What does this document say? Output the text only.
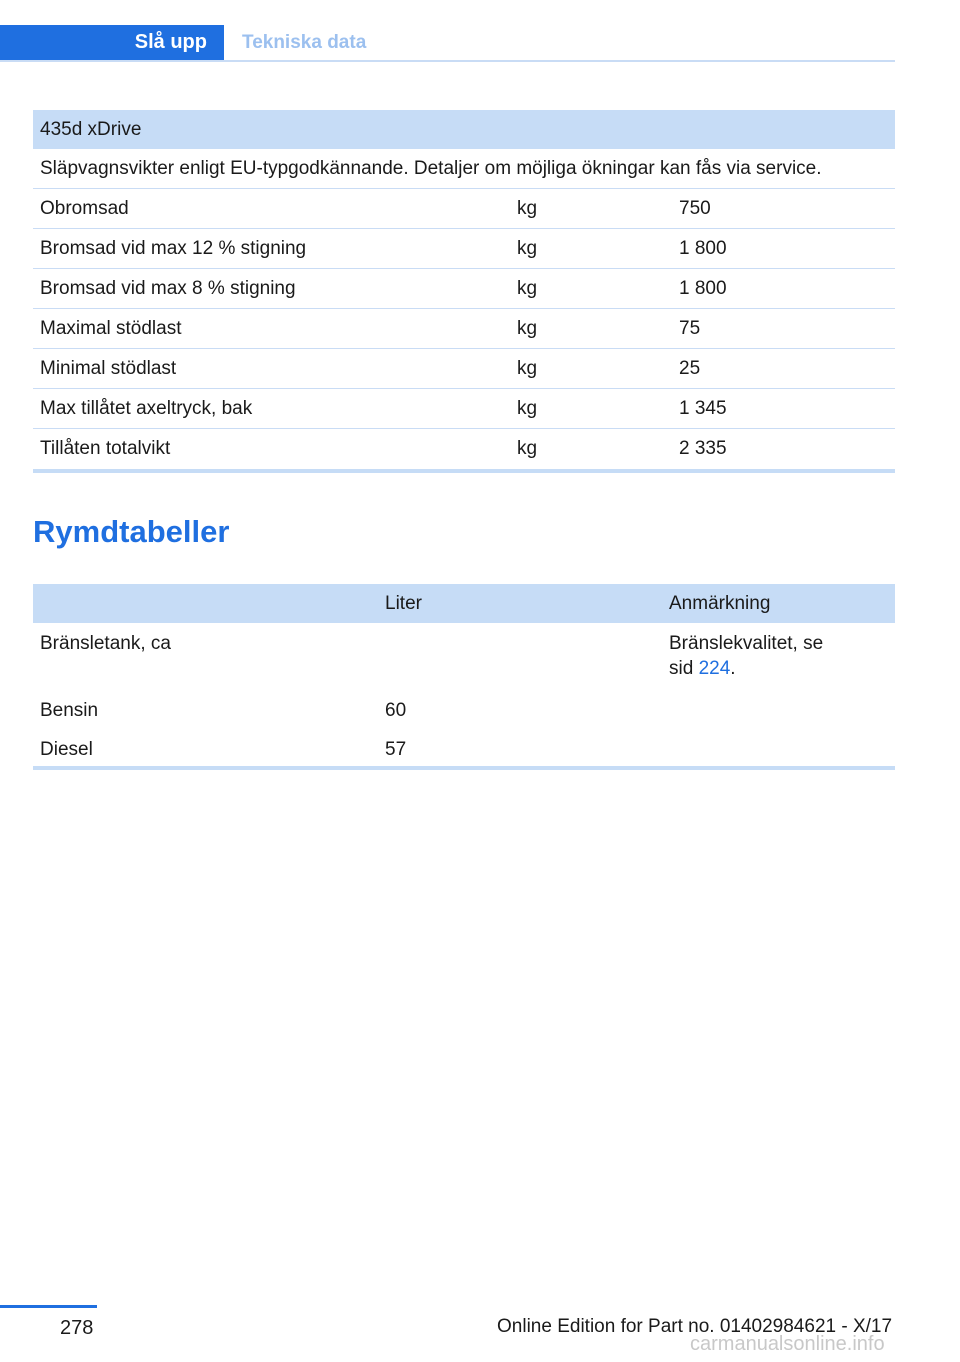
Slå upp	Tekniska data
435d xDrive		
Släpvagnsvikter enligt EU-typgodkännande. Detaljer om möjliga ökningar kan fås via service.		
Obromsad	kg	750
Bromsad vid max 12 % stigning	kg	1 800
Bromsad vid max 8 % stigning	kg	1 800
Maximal stödlast	kg	75
Minimal stödlast	kg	25
Max tillåtet axeltryck, bak	kg	1 345
Tillåten totalvikt	kg	2 335
Rymdtabeller
	Liter	Anmärkning
Bränsletank, ca		Bränslekvalitet, se
sid 224.
Bensin	60	
Diesel	57	
278	Online Edition for Part no. 01402984621 - X/17
carmanualsonline.info
